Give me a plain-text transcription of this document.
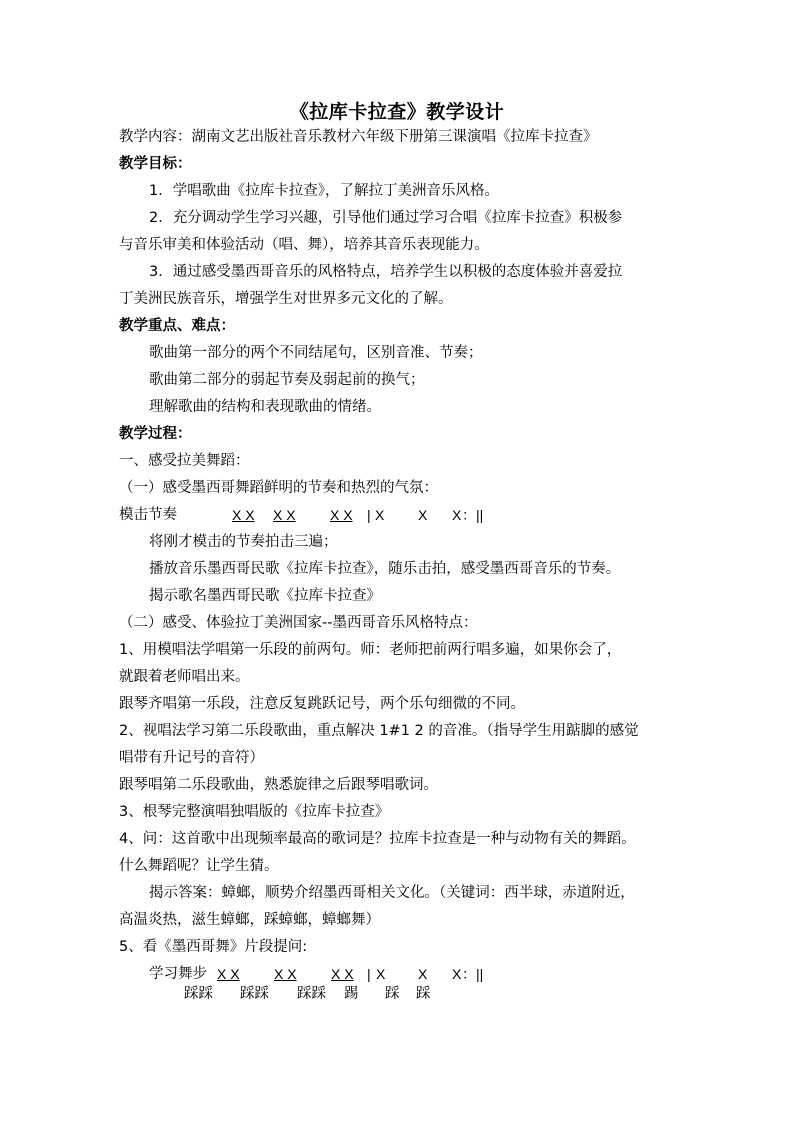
《拉库卡拉查》教学设计
教学内容：湖南文艺出版社音乐教材六年级下册第三课演唱《拉库卡拉查》
教学目标：
1．学唱歌曲《拉库卡拉查》，了解拉丁美洲音乐风格。
2．充分调动学生学习兴趣，引导他们通过学习合唱《拉库卡拉查》积极参
与音乐审美和体验活动（唱、舞），培养其音乐表现能力。
3．通过感受墨西哥音乐的风格特点，培养学生以积极的态度体验并喜爱拉
丁美洲民族音乐，增强学生对世界多元文化的了解。
教学重点、难点：
歌曲第一部分的两个不同结尾句，区别音准、节奏；
歌曲第二部分的弱起节奏及弱起前的换气；
理解歌曲的结构和表现歌曲的情绪。
教学过程：
一、感受拉美舞蹈：
（一）感受墨西哥舞蹈鲜明的节奏和热烈的气氛：
模击节奏	X X X X X X | X X X ：||
将刚才模击的节奏拍击三遍；
播放音乐墨西哥民歌《拉库卡拉查》，随乐击拍，感受墨西哥音乐的节奏。
揭示歌名墨西哥民歌《拉库卡拉查》
（二）感受、体验拉丁美洲国家--墨西哥音乐风格特点：
1、用模唱法学唱第一乐段的前两句。师：老师把前两行唱多遍，如果你会了，
就跟着老师唱出来。
跟琴齐唱第一乐段，注意反复跳跃记号，两个乐句细微的不同。
2、视唱法学习第二乐段歌曲，重点解决 1#1 2 的音准。（指导学生用踮脚的感觉
唱带有升记号的音符）
跟琴唱第二乐段歌曲，熟悉旋律之后跟琴唱歌词。
3、根琴完整演唱独唱版的《拉库卡拉查》
4、问：这首歌中出现频率最高的歌词是？拉库卡拉查是一种与动物有关的舞蹈。
什么舞蹈呢？让学生猜。
揭示答案：蟑螂，顺势介绍墨西哥相关文化。（关键词：西半球，赤道附近，
高温炎热，滋生蟑螂，踩蟑螂，蟑螂舞）
5、看《墨西哥舞》片段提问:
学习舞步 X X X X X X | X X X ：||
踩踩 踩踩 踩踩 踢 踩 踩
